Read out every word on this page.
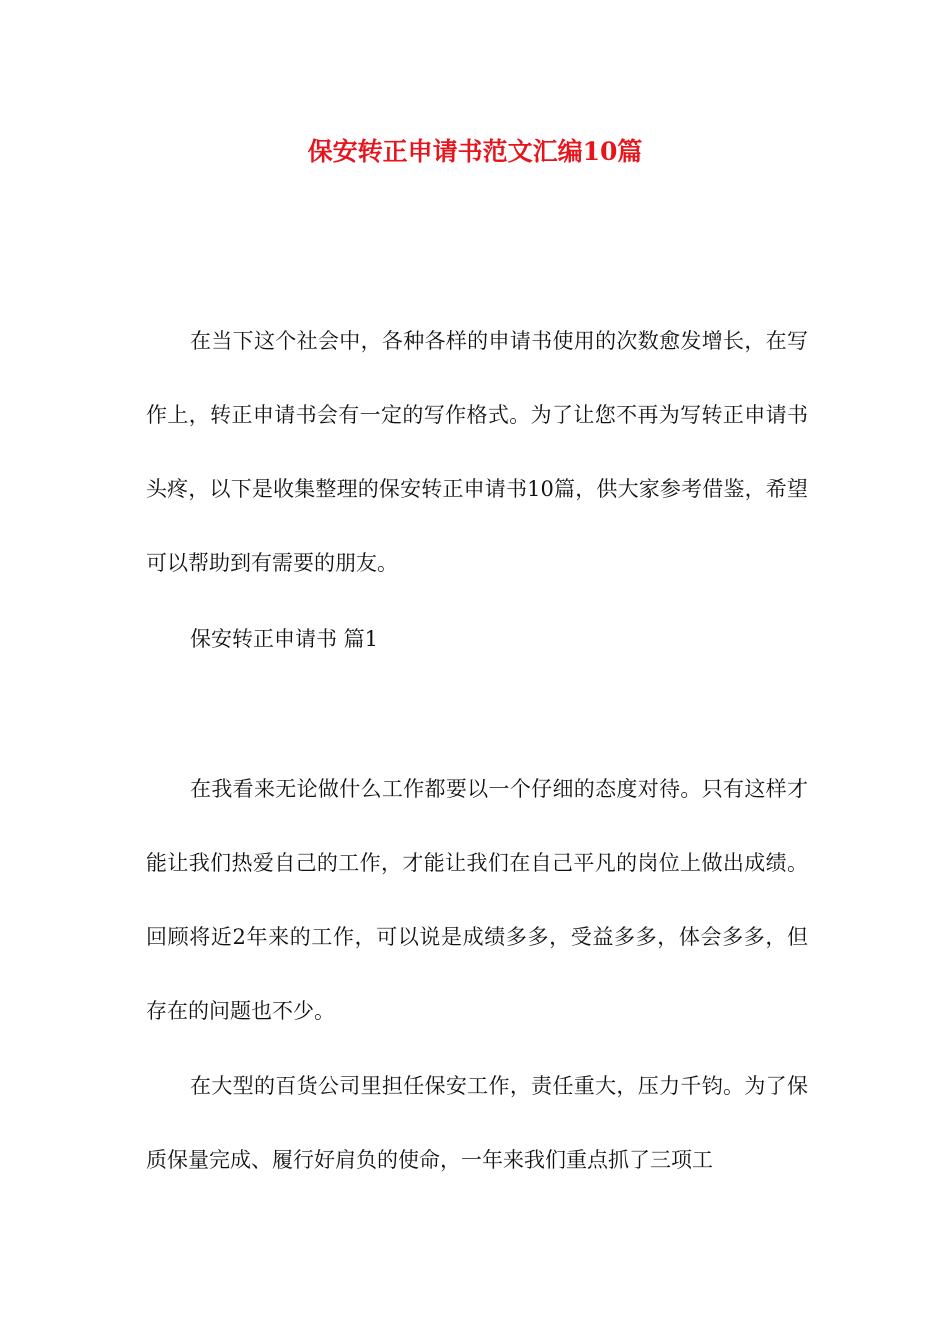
保安转正申请书范文汇编10篇

在当下这个社会中，各种各样的申请书使用的次数愈发增长，在写作上，转正申请书会有一定的写作格式。为了让您不再为写转正申请书头疼，以下是收集整理的保安转正申请书10篇，供大家参考借鉴，希望可以帮助到有需要的朋友。

保安转正申请书 篇1

在我看来无论做什么工作都要以一个仔细的态度对待。只有这样才能让我们热爱自己的工作，才能让我们在自己平凡的岗位上做出成绩。回顾将近2年来的工作，可以说是成绩多多，受益多多，体会多多，但存在的问题也不少。

在大型的百货公司里担任保安工作，责任重大，压力千钧。为了保质保量完成、履行好肩负的使命，一年来我们重点抓了三项工
